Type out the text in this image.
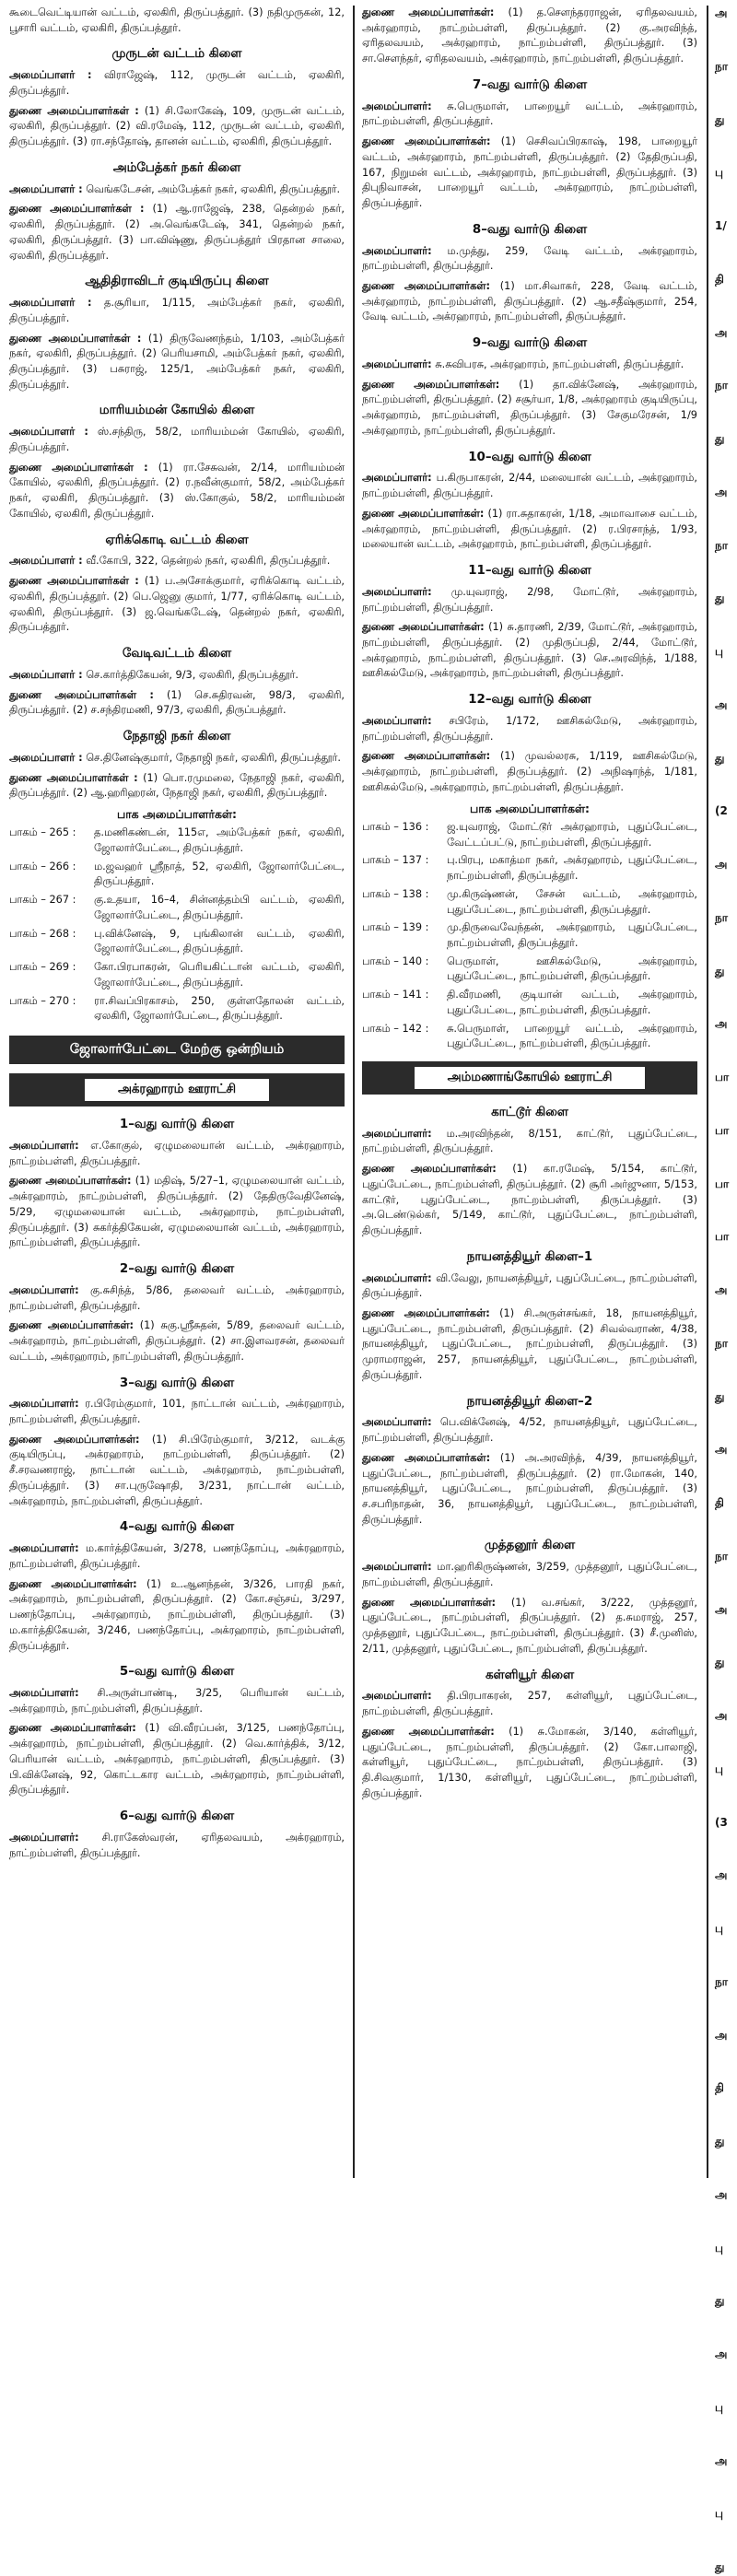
கூடைவெட்டியான் வட்டம், ஏலகிரி, திருப்பத்தூர். (3) நதிமுருகன், 12, பூசாரி வட்டம், ஏலகிரி, திருப்பத்தூர்.

முருடன் வட்டம் கிளை

அமைப்பாளர் : விராஜேஷ், 112, முருடன் வட்டம், ஏலகிரி, திருப்பத்தூர்.

துணை அமைப்பாளர்கள் : (1) சி.லோகேஷ், 109, முருடன் வட்டம், ஏலகிரி, திருப்பத்தூர். (2) வி.ரமேஷ், 112, முருடன் வட்டம், ஏலகிரி, திருப்பத்தூர். (3) ரா.சந்தோஷ், தானன் வட்டம், ஏலகிரி, திருப்பத்தூர்.

அம்பேத்கர் நகர் கிளை

அமைப்பாளர் : வெங்கடேசன், அம்பேத்கர் நகர், ஏலகிரி, திருப்பத்தூர்.

துணை அமைப்பாளர்கள் : (1) ஆ.ராஜேஷ், 238, தென்றல் நகர், ஏலகிரி, திருப்பத்தூர். (2) அ.வெங்கடேஷ், 341, தென்றல் நகர், ஏலகிரி, திருப்பத்தூர். (3) பா.விஷ்ணு, திருப்பத்தூர் பிரதான சாலை, ஏலகிரி, திருப்பத்தூர்.

ஆதிதிராவிடர் குடியிருப்பு கிளை

அமைப்பாளர் : த.சூரியா, 1/115, அம்பேத்கர் நகர், ஏலகிரி, திருப்பத்தூர்.

துணை அமைப்பாளர்கள் : (1) திருவேணந்தம், 1/103, அம்பேத்கர் நகர், ஏலகிரி, திருப்பத்தூர். (2) பெரியசாமி, அம்பேத்கர் நகர், ஏலகிரி, திருப்பத்தூர். (3) பசுராஜ், 125/1, அம்பேத்கர் நகர், ஏலகிரி, திருப்பத்தூர்.

மாரியம்மன் கோயில் கிளை

அமைப்பாளர் : ஸ்.சந்திரு, 58/2, மாரியம்மன் கோயில், ஏலகிரி, திருப்பத்தூர்.

துணை அமைப்பாளர்கள் : (1) ரா.சேசுவன், 2/14, மாரியம்மன் கோயில், ஏலகிரி, திருப்பத்தூர். (2) ர.நவீன்குமார், 58/2, அம்பேத்கர் நகர், ஏலகிரி, திருப்பத்தூர். (3) ஸ்.கோகுல், 58/2, மாரியம்மன் கோயில், ஏலகிரி, திருப்பத்தூர்.

ஏரிக்கொடி வட்டம் கிளை

அமைப்பாளர் : வீ.கோபி, 322, தென்றல் நகர், ஏலகிரி, திருப்பத்தூர்.

துணை அமைப்பாளர்கள் : (1) ப.அசோக்குமார், ஏரிக்கொடி வட்டம், ஏலகிரி, திருப்பத்தூர். (2) பெ.ஜெனு குமார், 1/77, ஏரிக்கொடி வட்டம், ஏலகிரி, திருப்பத்தூர். (3) ஜ.வெங்கடேஷ், தென்றல் நகர், ஏலகிரி, திருப்பத்தூர்.

வேடிவட்டம் கிளை

அமைப்பாளர் : செ.கார்த்திகேயன், 9/3, ஏலகிரி, திருப்பத்தூர்.

துணை அமைப்பாளர்கள் : (1) செ.சுதிரவன், 98/3, ஏலகிரி, திருப்பத்தூர். (2) ச.சந்திரமணி, 97/3, ஏலகிரி, திருப்பத்தூர்.

நேதாஜி நகர் கிளை

அமைப்பாளர் : செ.தினேஷ்குமார், நேதாஜி நகர், ஏலகிரி, திருப்பத்தூர்.

துணை அமைப்பாளர்கள் : (1) பொ.ரமுமலை, நேதாஜி நகர், ஏலகிரி, திருப்பத்தூர். (2) ஆ.ஹரிஹரன், நேதாஜி நகர், ஏலகிரி, திருப்பத்தூர்.

பாக அமைப்பாளர்கள்:
பாகம் – 265 :	த.மணிகண்டன், 115எ, அம்பேத்கர் நகர், ஏலகிரி, ஜோலார்பேட்டை, திருப்பத்தூர்.
பாகம் – 266 :	ம.ஜவஹர் ஸ்ரீநாத், 52, ஏலகிரி, ஜோலார்பேட்டை, திருப்பத்தூர்.
பாகம் – 267 :	கு.உதயா, 16–4, சின்னத்தம்பி வட்டம், ஏலகிரி, ஜோலார்பேட்டை, திருப்பத்தூர்.
பாகம் – 268 :	பு.விக்னேஷ், 9, புங்கிலான் வட்டம், ஏலகிரி, ஜோலார்பேட்டை, திருப்பத்தூர்.
பாகம் – 269 :	கோ.பிரபாகரன், பெரியகிட்டான் வட்டம், ஏலகிரி, ஜோலார்பேட்டை, திருப்பத்தூர்.
பாகம் – 270 :	ரா.சிவப்பிரகாசம், 250, குள்ளதோலன் வட்டம், ஏலகிரி, ஜோலார்பேட்டை, திருப்பத்தூர்.
ஜோலார்பேட்டை மேற்கு ஒன்றியம்
அக்ரஹாரம் ஊராட்சி
1–வது வார்டு கிளை

அமைப்பாளர்: எ.கோகுல், ஏழுமலையான் வட்டம், அக்ரஹாரம், நாட்றம்பள்ளி, திருப்பத்தூர்.

துணை அமைப்பாளர்கள்: (1) மதிஷ், 5/27–1, ஏழுமலையான் வட்டம், அக்ரஹாரம், நாட்றம்பள்ளி, திருப்பத்தூர். (2) தேதிருவேதினேஷ், 5/29, ஏழுமலையான் வட்டம், அக்ரஹாரம், நாட்றம்பள்ளி, திருப்பத்தூர். (3) சுகர்த்திகேயன், ஏழுமலையான் வட்டம், அக்ரஹாரம், நாட்றம்பள்ளி, திருப்பத்தூர்.

2–வது வார்டு கிளை

அமைப்பாளர்: கு.சுசிந்த், 5/86, தலைவர் வட்டம், அக்ரஹாரம், நாட்றம்பள்ளி, திருப்பத்தூர்.

துணை அமைப்பாளர்கள்: (1) சுகு.ஸ்ரீசுதன், 5/89, தலைவர் வட்டம், அக்ரஹாரம், நாட்றம்பள்ளி, திருப்பத்தூர். (2) சா.இளவரசன், தலைவர் வட்டம், அக்ரஹாரம், நாட்றம்பள்ளி, திருப்பத்தூர்.

3–வது வார்டு கிளை

அமைப்பாளர்: ர.பிரேம்குமார், 101, நாட்டான் வட்டம், அக்ரஹாரம், நாட்றம்பள்ளி, திருப்பத்தூர்.

துணை அமைப்பாளர்கள்: (1) சி.பிரேம்குமார், 3/212, வடக்கு குடியிருப்பு, அக்ரஹாரம், நாட்றம்பள்ளி, திருப்பத்தூர். (2) சீ.சரவணராஜ், நாட்டான் வட்டம், அக்ரஹாரம், நாட்றம்பள்ளி, திருப்பத்தூர். (3) சா.புருஷோதி, 3/231, நாட்டான் வட்டம், அக்ரஹாரம், நாட்றம்பள்ளி, திருப்பத்தூர்.

4–வது வார்டு கிளை

அமைப்பாளர்: ம.கார்த்திகேயன், 3/278, பணந்தோப்பு, அக்ரஹாரம், நாட்றம்பள்ளி, திருப்பத்தூர்.

துணை அமைப்பாளர்கள்: (1) உ.ஆனந்தன், 3/326, பாரதி நகர், அக்ரஹாரம், நாட்றம்பள்ளி, திருப்பத்தூர். (2) கோ.சஞ்சய், 3/297, பணந்தோப்பு, அக்ரஹாரம், நாட்றம்பள்ளி, திருப்பத்தூர். (3) ம.கார்த்திகேயன், 3/246, பணந்தோப்பு, அக்ரஹாரம், நாட்றம்பள்ளி, திருப்பத்தூர்.

5–வது வார்டு கிளை

அமைப்பாளர்: சி.அருள்பாண்டி, 3/25, பெரியான் வட்டம், அக்ரஹாரம், நாட்றம்பள்ளி, திருப்பத்தூர்.

துணை அமைப்பாளர்கள்: (1) வி.வீரப்பன், 3/125, பணந்தோப்பு, அக்ரஹாரம், நாட்றம்பள்ளி, திருப்பத்தூர். (2) வெ.கார்த்திக், 3/12, பெரியான் வட்டம், அக்ரஹாரம், நாட்றம்பள்ளி, திருப்பத்தூர். (3) பி.விக்னேஷ், 92, கொட்டகார வட்டம், அக்ரஹாரம், நாட்றம்பள்ளி, திருப்பத்தூர்.

6–வது வார்டு கிளை

அமைப்பாளர்: சி.ராகேஸ்வரன், ஏரிதலவயம், அக்ரஹாரம், நாட்றம்பள்ளி, திருப்பத்தூர்.

துணை அமைப்பாளர்கள்: (1) த.செளந்தரராஜன், ஏரிதலவயம், அக்ரஹாரம், நாட்றம்பள்ளி, திருப்பத்தூர். (2) கு.அரவிந்த், ஏரிதலவயம், அக்ரஹாரம், நாட்றம்பள்ளி, திருப்பத்தூர். (3) சா.செளந்தர், ஏரிதலவயம், அக்ரஹாரம், நாட்றம்பள்ளி, திருப்பத்தூர்.

7–வது வார்டு கிளை

அமைப்பாளர்: சு.பெருமாள், பாறையூர் வட்டம், அக்ரஹாரம், நாட்றம்பள்ளி, திருப்பத்தூர்.

துணை அமைப்பாளர்கள்: (1) செசிவப்பிரகாஷ், 198, பாறையூர் வட்டம், அக்ரஹாரம், நாட்றம்பள்ளி, திருப்பத்தூர். (2) தேதிருப்பதி, 167, நிறுமன் வட்டம், அக்ரஹாரம், நாட்றம்பள்ளி, திருப்பத்தூர். (3) திபுநிவாசன், பாறையூர் வட்டம், அக்ரஹாரம், நாட்றம்பள்ளி, திருப்பத்தூர்.

8–வது வார்டு கிளை

அமைப்பாளர்: ம.முத்து, 259, வேடி வட்டம், அக்ரஹாரம், நாட்றம்பள்ளி, திருப்பத்தூர்.

துணை அமைப்பாளர்கள்: (1) மா.சிவாகர், 228, வேடி வட்டம், அக்ரஹாரம், நாட்றம்பள்ளி, திருப்பத்தூர். (2) ஆ.சதீஷ்குமார், 254, வேடி வட்டம், அக்ரஹாரம், நாட்றம்பள்ளி, திருப்பத்தூர்.

9–வது வார்டு கிளை

அமைப்பாளர்: சு.சுவிபரசு, அக்ரஹாரம், நாட்றம்பள்ளி, திருப்பத்தூர்.

துணை அமைப்பாளர்கள்: (1) தா.விக்னேஷ், அக்ரஹாரம், நாட்றம்பள்ளி, திருப்பத்தூர். (2) சசூர்யா, 1/8, அக்ரஹாரம் குடியிருப்பு, அக்ரஹாரம், நாட்றம்பள்ளி, திருப்பத்தூர். (3) சேகுமரேசன், 1/9 அக்ரஹாரம், நாட்றம்பள்ளி, திருப்பத்தூர்.

10–வது வார்டு கிளை

அமைப்பாளர்: ப.கிருபாகரன், 2/44, மலையான் வட்டம், அக்ரஹாரம், நாட்றம்பள்ளி, திருப்பத்தூர்.

துணை அமைப்பாளர்கள்: (1) ரா.சுதாகரன், 1/18, அமாவாசை வட்டம், அக்ரஹாரம், நாட்றம்பள்ளி, திருப்பத்தூர். (2) ர.பிரசாந்த், 1/93, மலையான் வட்டம், அக்ரஹாரம், நாட்றம்பள்ளி, திருப்பத்தூர்.

11–வது வார்டு கிளை

அமைப்பாளர்: மு.யுவராஜ், 2/98, மோட்டூர், அக்ரஹாரம், நாட்றம்பள்ளி, திருப்பத்தூர்.

துணை அமைப்பாளர்கள்: (1) சு.தாரணி, 2/39, மோட்டூர், அக்ரஹாரம், நாட்றம்பள்ளி, திருப்பத்தூர். (2) முதிருப்பதி, 2/44, மோட்டூர், அக்ரஹாரம், நாட்றம்பள்ளி, திருப்பத்தூர். (3) செ.அரவிந்த், 1/188, ஊசிகல்மேடு, அக்ரஹாரம், நாட்றம்பள்ளி, திருப்பத்தூர்.

12–வது வார்டு கிளை

அமைப்பாளர்: சபிரேம், 1/172, ஊசிகல்மேடு, அக்ரஹாரம், நாட்றம்பள்ளி, திருப்பத்தூர்.

துணை அமைப்பாளர்கள்: (1) முவல்லரசு, 1/119, ஊசிகல்மேடு, அக்ரஹாரம், நாட்றம்பள்ளி, திருப்பத்தூர். (2) அநிஷாந்த், 1/181, ஊசிகல்மேடு, அக்ரஹாரம், நாட்றம்பள்ளி, திருப்பத்தூர்.

பாக அமைப்பாளர்கள்:
பாகம் – 136 :	ஜ.யுவராஜ், மோட்டூர் அக்ரஹாரம், புதுப்பேட்டை, வேட்டப்பட்டு, நாட்றம்பள்ளி, திருப்பத்தூர்.
பாகம் – 137 :	பு.பிரபு, மகாத்மா நகர், அக்ரஹாரம், புதுப்பேட்டை, நாட்றம்பள்ளி, திருப்பத்தூர்.
பாகம் – 138 :	மு.கிருஷ்ணன், சேசன் வட்டம், அக்ரஹாரம், புதுப்பேட்டை, நாட்றம்பள்ளி, திருப்பத்தூர்.
பாகம் – 139 :	மு.திருவைவேந்தன், அக்ரஹாரம், புதுப்பேட்டை, நாட்றம்பள்ளி, திருப்பத்தூர்.
பாகம் – 140 :	பெருமாள், ஊசிகல்மேடு, அக்ரஹாரம், புதுப்பேட்டை, நாட்றம்பள்ளி, திருப்பத்தூர்.
பாகம் – 141 :	தி.வீரமணி, குடியான் வட்டம், அக்ரஹாரம், புதுப்பேட்டை, நாட்றம்பள்ளி, திருப்பத்தூர்.
பாகம் – 142 :	சு.பெருமாள், பாறையூர் வட்டம், அக்ரஹாரம், புதுப்பேட்டை, நாட்றம்பள்ளி, திருப்பத்தூர்.
அம்மணாங்கோயில் ஊராட்சி
காட்டூர் கிளை

அமைப்பாளர்: ம.அரவிந்தன், 8/151, காட்டூர், புதுப்பேட்டை, நாட்றம்பள்ளி, திருப்பத்தூர்.

துணை அமைப்பாளர்கள்: (1) கா.ரமேஷ், 5/154, காட்டூர், புதுப்பேட்டை, நாட்றம்பள்ளி, திருப்பத்தூர். (2) சூரி அர்ஜுனா, 5/153, காட்டூர், புதுப்பேட்டை, நாட்றம்பள்ளி, திருப்பத்தூர். (3) அ.டெண்டுல்கர், 5/149, காட்டூர், புதுப்பேட்டை, நாட்றம்பள்ளி, திருப்பத்தூர்.

நாயனத்தியூர் கிளை–1

அமைப்பாளர்: வி.வேலு, நாயனத்தியூர், புதுப்பேட்டை, நாட்றம்பள்ளி, திருப்பத்தூர்.

துணை அமைப்பாளர்கள்: (1) சி.அருள்சங்கர், 18, நாயனத்தியூர், புதுப்பேட்டை, நாட்றம்பள்ளி, திருப்பத்தூர். (2) சிவல்வராண், 4/38, நாயனத்தியூர், புதுப்பேட்டை, நாட்றம்பள்ளி, திருப்பத்தூர். (3) முராமராஜன், 257, நாயனத்தியூர், புதுப்பேட்டை, நாட்றம்பள்ளி, திருப்பத்தூர்.

நாயனத்தியூர் கிளை–2

அமைப்பாளர்: பெ.விக்னேஷ், 4/52, நாயனத்தியூர், புதுப்பேட்டை, நாட்றம்பள்ளி, திருப்பத்தூர்.

துணை அமைப்பாளர்கள்: (1) அ.அரவிந்த், 4/39, நாயனத்தியூர், புதுப்பேட்டை, நாட்றம்பள்ளி, திருப்பத்தூர். (2) ரா.மோகன், 140, நாயனத்தியூர், புதுப்பேட்டை, நாட்றம்பள்ளி, திருப்பத்தூர். (3) ச.சபரிநாதன், 36, நாயனத்தியூர், புதுப்பேட்டை, நாட்றம்பள்ளி, திருப்பத்தூர்.

முத்தனூர் கிளை

அமைப்பாளர்: மா.ஹரிகிருஷ்ணன், 3/259, முத்தனூர், புதுப்பேட்டை, நாட்றம்பள்ளி, திருப்பத்தூர்.

துணை அமைப்பாளர்கள்: (1) வ.சங்கர், 3/222, முத்தனூர், புதுப்பேட்டை, நாட்றம்பள்ளி, திருப்பத்தூர். (2) த.சுமராஜ், 257, முத்தனூர், புதுப்பேட்டை, நாட்றம்பள்ளி, திருப்பத்தூர். (3) சீ.முனிஸ், 2/11, முத்தனூர், புதுப்பேட்டை, நாட்றம்பள்ளி, திருப்பத்தூர்.

கள்ளியூர் கிளை

அமைப்பாளர்: தி.பிரபாகரன், 257, கள்ளியூர், புதுப்பேட்டை, நாட்றம்பள்ளி, திருப்பத்தூர்.

துணை அமைப்பாளர்கள்: (1) சு.மோகன், 3/140, கள்ளியூர், புதுப்பேட்டை, நாட்றம்பள்ளி, திருப்பத்தூர். (2) கோ.பாலாஜி, கள்ளியூர், புதுப்பேட்டை, நாட்றம்பள்ளி, திருப்பத்தூர். (3) தி.சிவகுமார், 1/130, கள்ளியூர், புதுப்பேட்டை, நாட்றம்பள்ளி, திருப்பத்தூர்.

அ
நா
து
பு
1/
தி
அ
நா
து
அ
நா
து
பு
அ
து
(2
அ
நா
து
அ
பா
பா
பா
பா
அ
நா
து
அ
தி
நா
அ
து
அ
பு
(3
அ
பு
நா
அ
தி
து
அ
பு
து
அ
பு
அ
பு
து
